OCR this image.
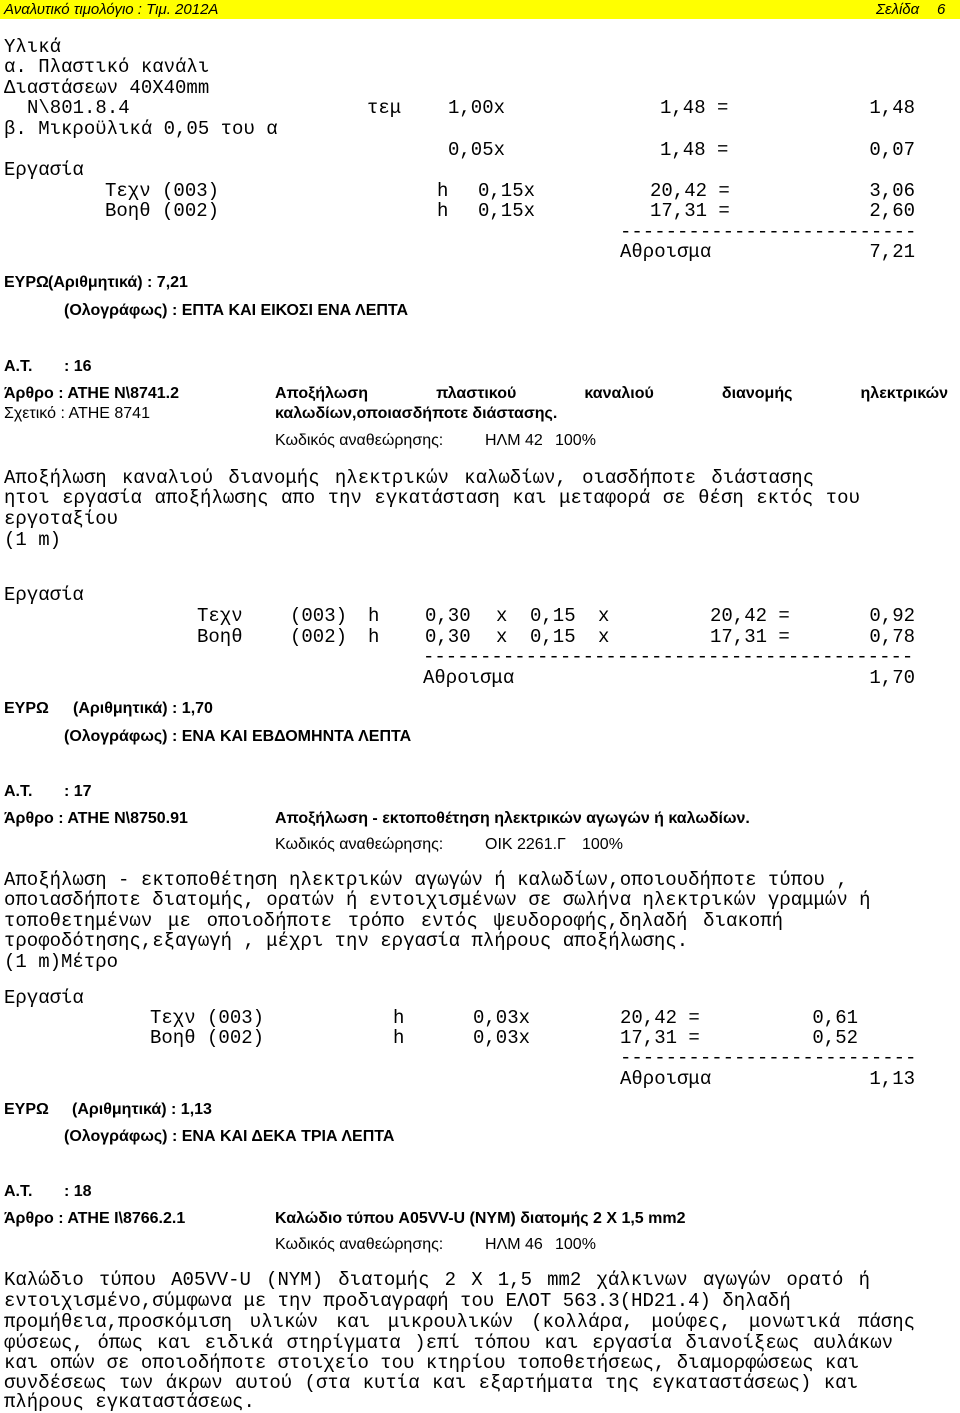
Αναλυτικό τιμολόγιο : Τιμ. 2012Α	Σελίδα 6
Υλικά
α. Πλαστικό κανάλι
Διαστάσεων 40Χ40mm
Ν\801.8.4	τεμ 1,00x	1,48 =	1,48
β. Μικροϋλικά 0,05 του α
0,05x	1,48 =	0,07
Εργασία
Τεχν (003)	h 0,15x	20,42 =	3,06
Βοηθ (002)	h 0,15x	17,31 =	2,60
--------------------------
Αθροισμα	7,21
ΕΥΡΩ (Αριθμητικά) : 7,21
(Ολογράφως) : ΕΠΤΑ ΚΑΙ ΕΙΚΟΣΙ ΕΝΑ ΛΕΠΤΑ
Α.Τ. : 16
Άρθρο : ΑΤΗΕ Ν\8741.2	Αποξήλωση πλαστικού καναλιού διανομής ηλεκτρικών
Σχετικό : ΑΤΗΕ 8741	καλωδίων,οποιασδήποτε διάστασης.
Κωδικός αναθεώρησης:	ΗΛΜ 42 100%
Αποξήλωση καναλιού διανομής ηλεκτρικών καλωδίων, οιασδήποτε διάστασης
ητοι εργασία αποξήλωσης απο την εγκατάσταση και μεταφορά σε θέση εκτός του
εργοταξίου
(1 m)
Εργασία
Τεχν (003) h 0,30 x 0,15 x	20,42 =	0,92
Βοηθ (002) h 0,30 x 0,15 x	17,31 =	0,78
-------------------------------------------
Αθροισμα	1,70
ΕΥΡΩ (Αριθμητικά) : 1,70
(Ολογράφως) : ΕΝΑ ΚΑΙ ΕΒΔΟΜΗΝΤΑ ΛΕΠΤΑ
Α.Τ. : 17
Άρθρο : ΑΤΗΕ Ν\8750.91	Αποξήλωση - εκτοποθέτηση ηλεκτρικών αγωγών ή καλωδίων.
Κωδικός αναθεώρησης:	ΟΙΚ 2261.Γ 100%
Αποξήλωση - εκτοποθέτηση ηλεκτρικών αγωγών ή καλωδίων,οποιουδήποτε τύπου ,
οποιασδήποτε διατομής, ορατών ή εντοιχισμένων σε σωλήνα ηλεκτρικών γραμμών ή
τοποθετημένων με οποιοδήποτε τρόπο εντός ψευδοροφής,δηλαδή διακοπή
τροφοδότησης,εξαγωγή , μέχρι την εργασία πλήρους αποξήλωσης.
(1 m)Μέτρο
Εργασία
Τεχν (003)	h	0,03x	20,42 =	0,61
Βοηθ (002)	h	0,03x	17,31 =	0,52
--------------------------
Αθροισμα	1,13
ΕΥΡΩ (Αριθμητικά) : 1,13
(Ολογράφως) : ΕΝΑ ΚΑΙ ΔΕΚΑ ΤΡΙΑ ΛΕΠΤΑ
Α.Τ. : 18
Άρθρο : ΑΤΗΕ Ι\8766.2.1	Καλώδιο τύπου A05VV-U (NYM) διατομής 2 Χ 1,5 mm2
Κωδικός αναθεώρησης:	ΗΛΜ 46 100%
Καλώδιο τύπου A05VV-U (NYM) διατομής 2 Χ 1,5 mm2 χάλκινων αγωγών ορατό ή
εντοιχισμένο,σύμφωνα με την προδιαγραφή του ΕΛΟΤ 563.3(HD21.4) δηλαδή
προμήθεια,προσκόμιση υλικών και μικρουλικών (κολλάρα, μούφες, μονωτικά πάσης
φύσεως, όπως και ειδικά στηρίγματα )επί τόπου και εργασία διανοίξεως αυλάκων
και οπών σε οποιοδήποτε στοιχείο του κτηρίου τοποθετήσεως, διαμορφώσεως και
συνδέσεως των άκρων αυτού (στα κυτία και εξαρτήματα της εγκαταστάσεως) και
πλήρους εγκαταστάσεως.
